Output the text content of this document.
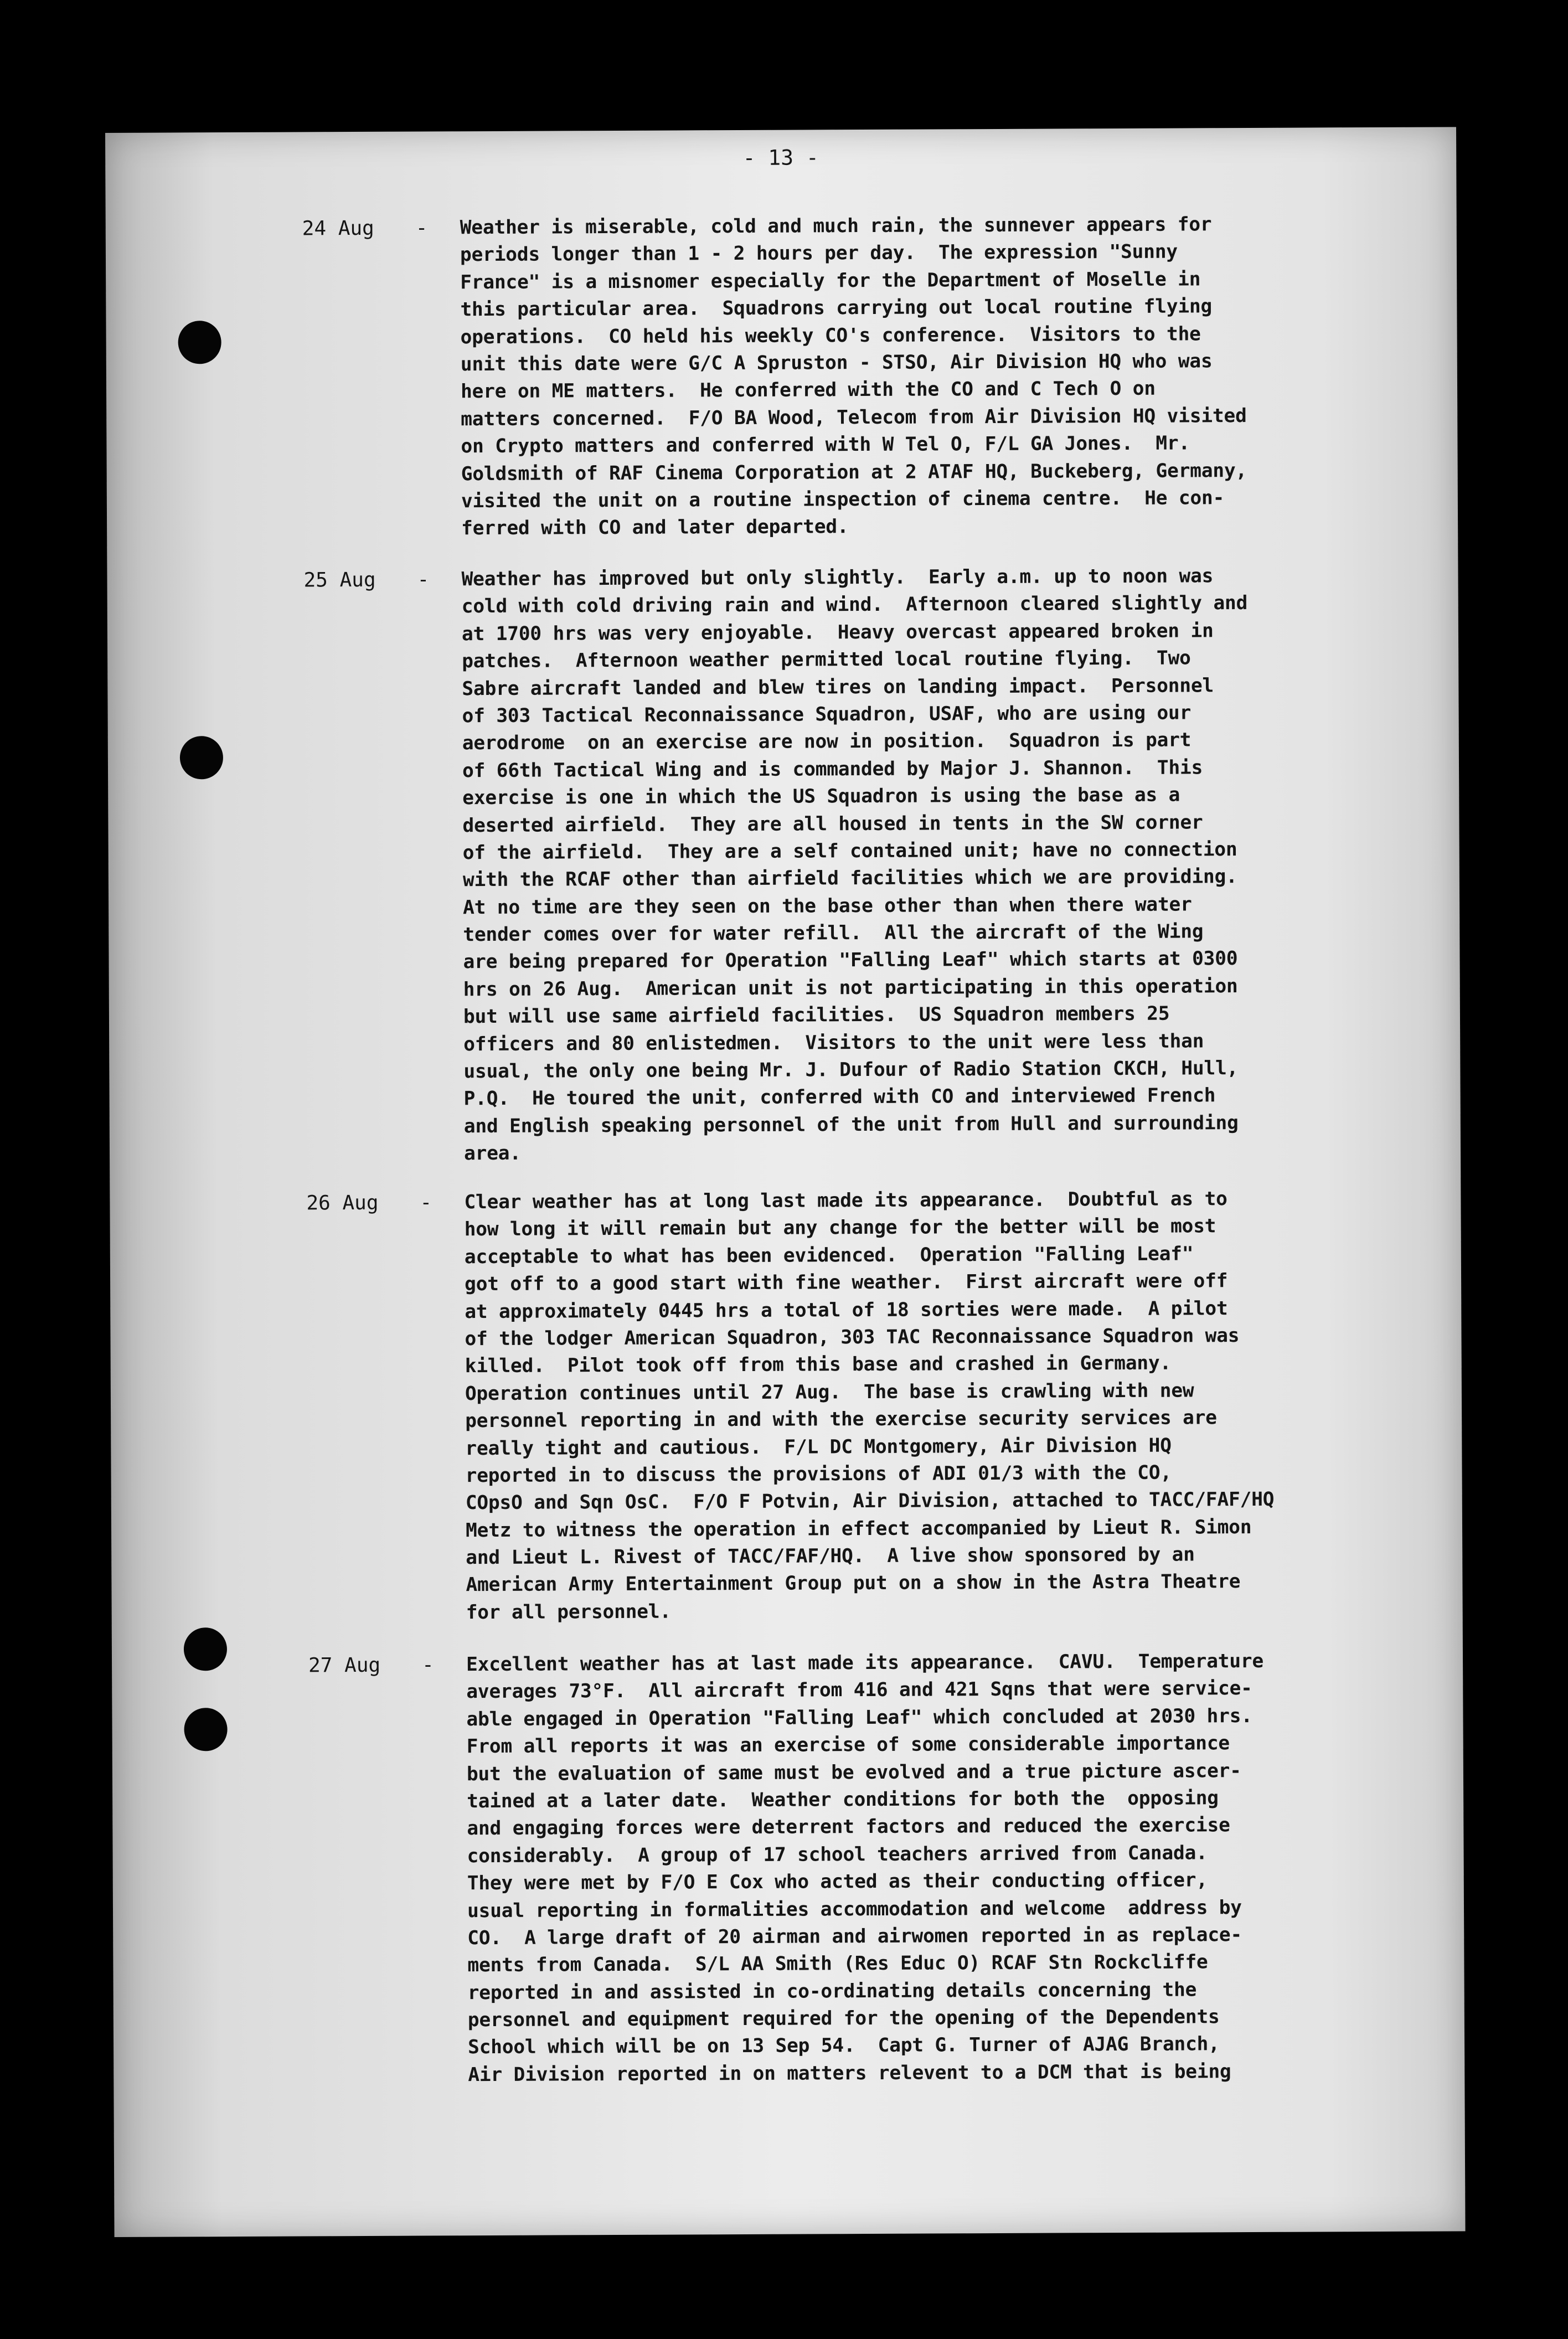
- 13 -
24 Aug	- Weather is miserable, cold and much rain, the sunnever appears for
periods longer than 1 - 2 hours per day.  The expression "Sunny
France" is a misnomer especially for the Department of Moselle in
this particular area.  Squadrons carrying out local routine flying
operations.  CO held his weekly CO's conference.  Visitors to the
unit this date were G/C A Spruston - STSO, Air Division HQ who was
here on ME matters.  He conferred with the CO and C Tech O on
matters concerned.  F/O BA Wood, Telecom from Air Division HQ visited
on Crypto matters and conferred with W Tel O, F/L GA Jones.  Mr.
Goldsmith of RAF Cinema Corporation at 2 ATAF HQ, Buckeberg, Germany,
visited the unit on a routine inspection of cinema centre.  He con-
ferred with CO and later departed.
25 Aug	- Weather has improved but only slightly.  Early a.m. up to noon was
cold with cold driving rain and wind.  Afternoon cleared slightly and
at 1700 hrs was very enjoyable.  Heavy overcast appeared broken in
patches.  Afternoon weather permitted local routine flying.  Two
Sabre aircraft landed and blew tires on landing impact.  Personnel
of 303 Tactical Reconnaissance Squadron, USAF, who are using our
aerodrome  on an exercise are now in position.  Squadron is part
of 66th Tactical Wing and is commanded by Major J. Shannon.  This
exercise is one in which the US Squadron is using the base as a
deserted airfield.  They are all housed in tents in the SW corner
of the airfield.  They are a self contained unit; have no connection
with the RCAF other than airfield facilities which we are providing.
At no time are they seen on the base other than when there water
tender comes over for water refill.  All the aircraft of the Wing
are being prepared for Operation "Falling Leaf" which starts at 0300
hrs on 26 Aug.  American unit is not participating in this operation
but will use same airfield facilities.  US Squadron members 25
officers and 80 enlistedmen.  Visitors to the unit were less than
usual, the only one being Mr. J. Dufour of Radio Station CKCH, Hull,
P.Q.  He toured the unit, conferred with CO and interviewed French
and English speaking personnel of the unit from Hull and surrounding
area.
26 Aug	- Clear weather has at long last made its appearance.  Doubtful as to
how long it will remain but any change for the better will be most
acceptable to what has been evidenced.  Operation "Falling Leaf"
got off to a good start with fine weather.  First aircraft were off
at approximately 0445 hrs a total of 18 sorties were made.  A pilot
of the lodger American Squadron, 303 TAC Reconnaissance Squadron was
killed.  Pilot took off from this base and crashed in Germany.
Operation continues until 27 Aug.  The base is crawling with new
personnel reporting in and with the exercise security services are
really tight and cautious.  F/L DC Montgomery, Air Division HQ
reported in to discuss the provisions of ADI 01/3 with the CO,
COpsO and Sqn OsC.  F/O F Potvin, Air Division, attached to TACC/FAF/HQ
Metz to witness the operation in effect accompanied by Lieut R. Simon
and Lieut L. Rivest of TACC/FAF/HQ.  A live show sponsored by an
American Army Entertainment Group put on a show in the Astra Theatre
for all personnel.
27 Aug	- Excellent weather has at last made its appearance.  CAVU.  Temperature
averages 73°F.  All aircraft from 416 and 421 Sqns that were service-
able engaged in Operation "Falling Leaf" which concluded at 2030 hrs.
From all reports it was an exercise of some considerable importance
but the evaluation of same must be evolved and a true picture ascer-
tained at a later date.  Weather conditions for both the  opposing
and engaging forces were deterrent factors and reduced the exercise
considerably.  A group of 17 school teachers arrived from Canada.
They were met by F/O E Cox who acted as their conducting officer,
usual reporting in formalities accommodation and welcome  address by
CO.  A large draft of 20 airman and airwomen reported in as replace-
ments from Canada.  S/L AA Smith (Res Educ O) RCAF Stn Rockcliffe
reported in and assisted in co-ordinating details concerning the
personnel and equipment required for the opening of the Dependents
School which will be on 13 Sep 54.  Capt G. Turner of AJAG Branch,
Air Division reported in on matters relevent to a DCM that is being
